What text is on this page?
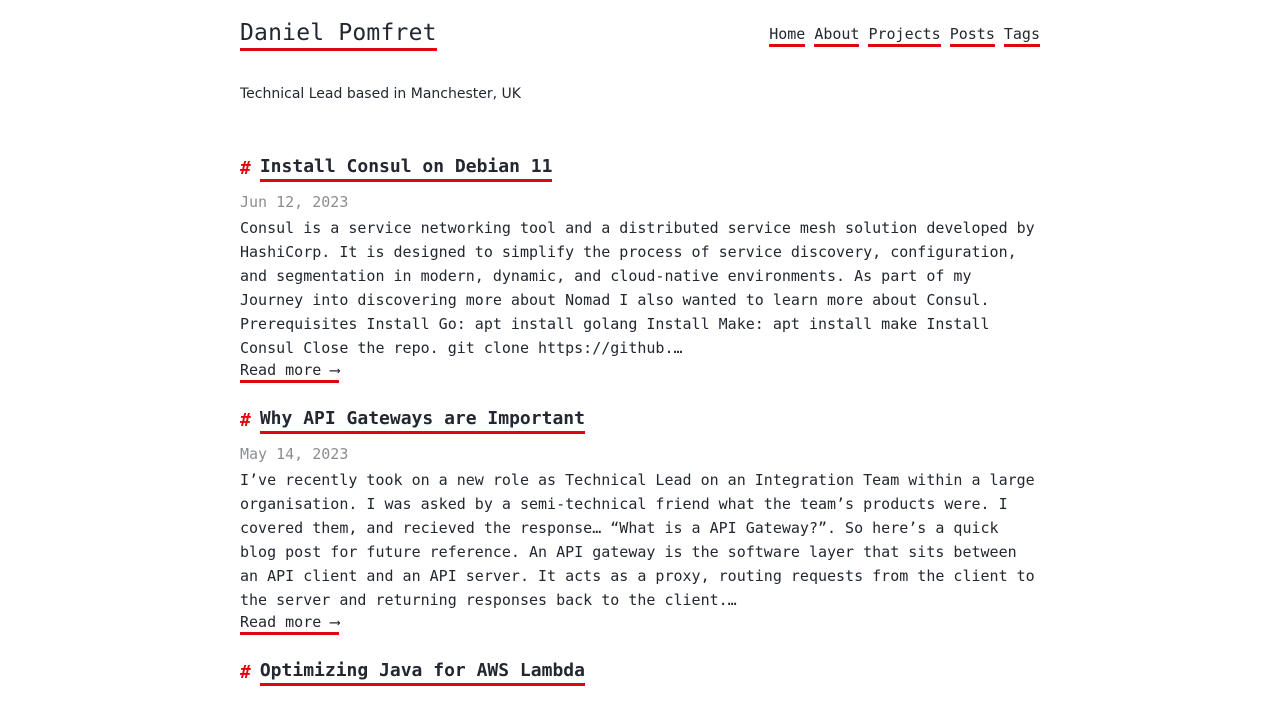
Daniel Pomfret	Home About Projects Posts Tags

Technical Lead based in Manchester, UK

# Install Consul on Debian 11
Jun 12, 2023
Consul is a service networking tool and a distributed service mesh solution developed by HashiCorp. It is designed to simplify the process of service discovery, configuration, and segmentation in modern, dynamic, and cloud-native environments. As part of my Journey into discovering more about Nomad I also wanted to learn more about Consul. Prerequisites Install Go: apt install golang Install Make: apt install make Install Consul Close the repo. git clone https://github.…
Read more ⟶
# Why API Gateways are Important
May 14, 2023
I’ve recently took on a new role as Technical Lead on an Integration Team within a large organisation. I was asked by a semi-technical friend what the team’s products were. I covered them, and recieved the response… “What is a API Gateway?”. So here’s a quick blog post for future reference. An API gateway is the software layer that sits between an API client and an API server. It acts as a proxy, routing requests from the client to the server and returning responses back to the client.…
Read more ⟶
# Optimizing Java for AWS Lambda
